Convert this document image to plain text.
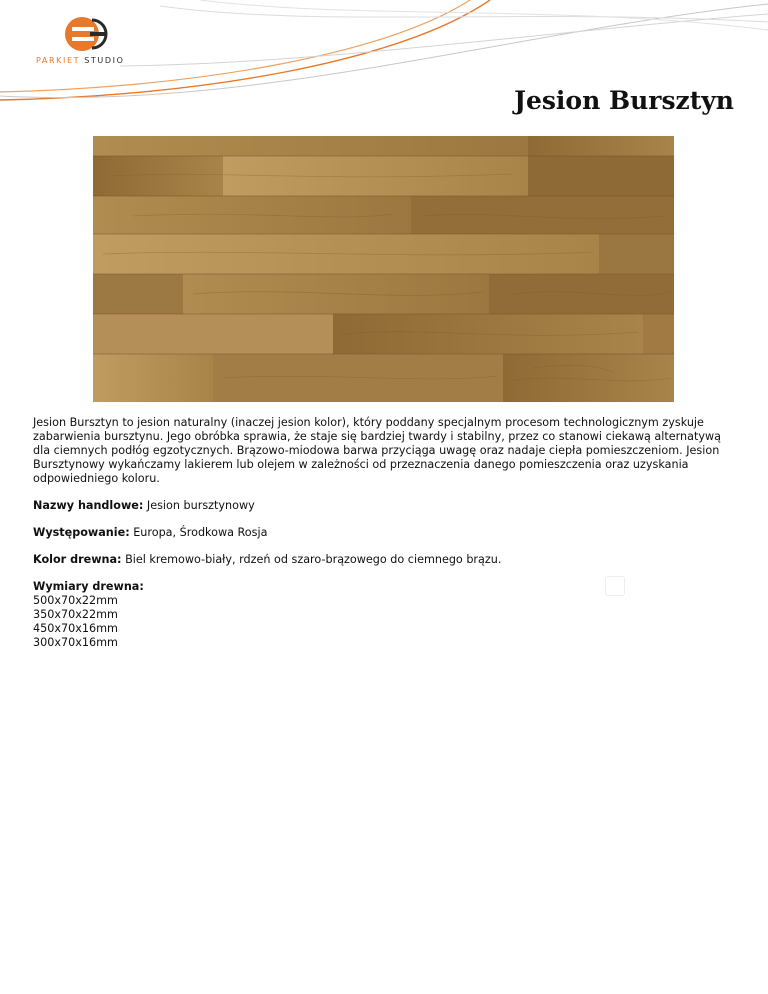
PARKIET STUDIO
Jesion Bursztyn

Jesion Bursztyn to jesion naturalny (inaczej jesion kolor), który poddany specjalnym procesom technologicznym zyskuje zabarwienia bursztynu. Jego obróbka sprawia, że staje się bardziej twardy i stabilny, przez co stanowi ciekawą alternatywą dla ciemnych podłóg egzotycznych. Brązowo-miodowa barwa przyciąga uwagę oraz nadaje ciepła pomieszczeniom. Jesion Bursztynowy wykańczamy lakierem lub olejem w zależności od przeznaczenia danego pomieszczenia oraz uzyskania odpowiedniego koloru.

Nazwy handlowe: Jesion bursztynowy
Występowanie: Europa, Środkowa Rosja
Kolor drewna: Biel kremowo-biały, rdzeń od szaro-brązowego do ciemnego brązu.
Wymiary drewna:
500x70x22mm
350x70x22mm
450x70x16mm
300x70x16mm
